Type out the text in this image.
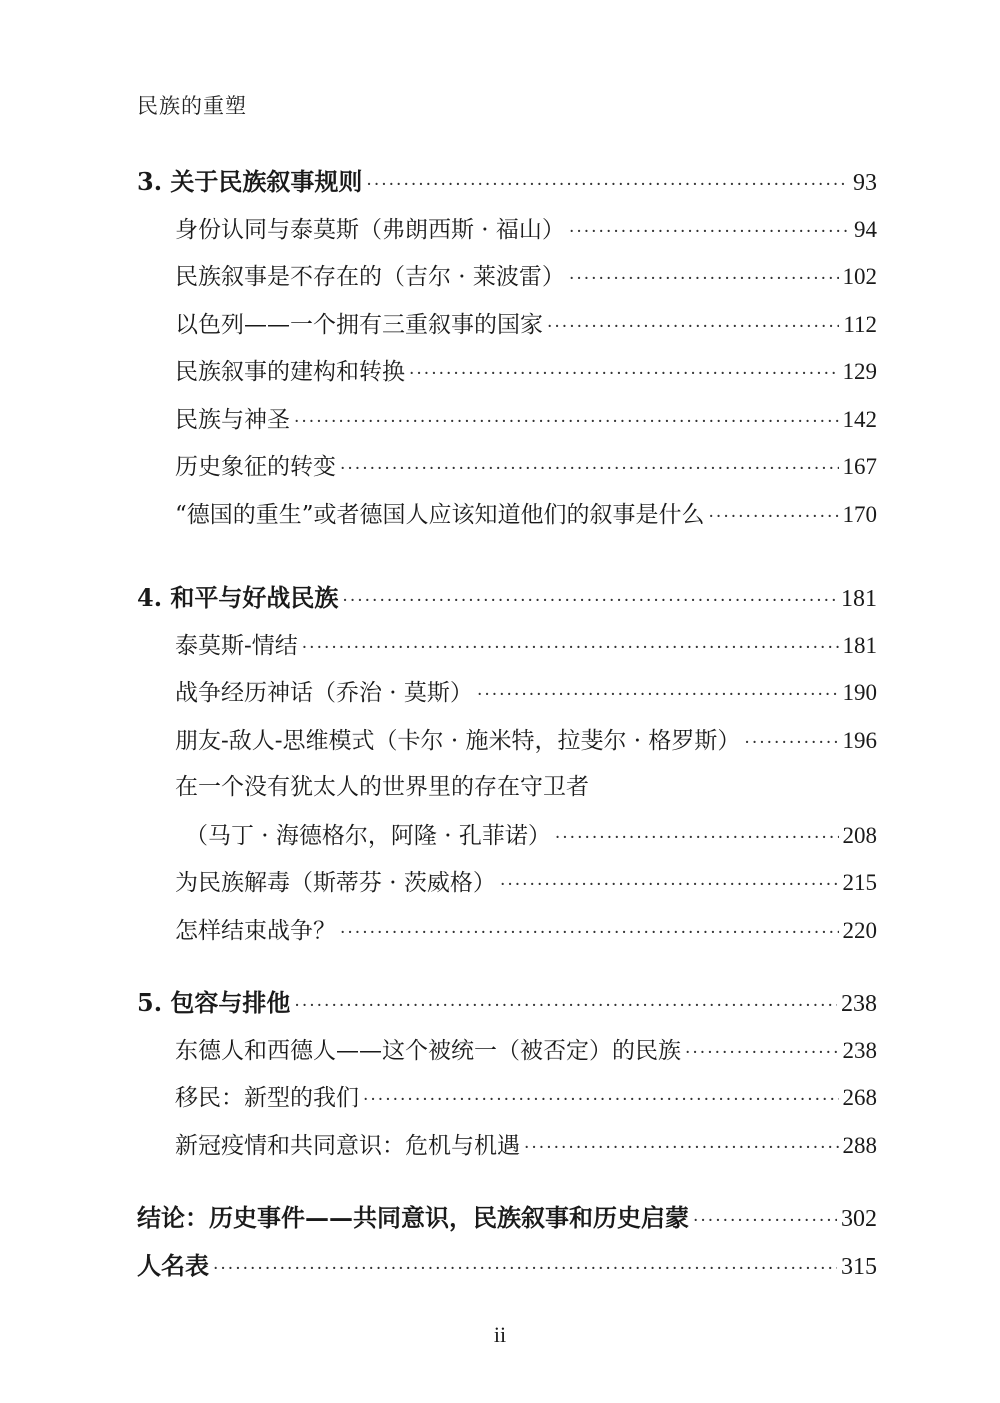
民族的重塑
3. 关于民族叙事规则 ·····	93
身份认同与泰莫斯（弗朗西斯 · 福山） ·····	94
民族叙事是不存在的（吉尔 · 莱波雷） ·····	102
以色列——一个拥有三重叙事的国家 ·····	112
民族叙事的建构和转换 ·····	129
民族与神圣 ·····	142
历史象征的转变 ·····	167
“德国的重生”或者德国人应该知道他们的叙事是什么 ·····	170
4. 和平与好战民族 ·····	181
泰莫斯-情结 ·····	181
战争经历神话（乔治 · 莫斯） ·····	190
朋友-敌人-思维模式（卡尔 · 施米特，拉斐尔 · 格罗斯） ·····	196
在一个没有犹太人的世界里的存在守卫者
（马丁 · 海德格尔，阿隆 · 孔菲诺） ·····	208
为民族解毒（斯蒂芬 · 茨威格） ·····	215
怎样结束战争？ ·····	220
5. 包容与排他 ·····	238
东德人和西德人——这个被统一（被否定）的民族 ·····	238
移民：新型的我们 ·····	268
新冠疫情和共同意识：危机与机遇 ·····	288
结论：历史事件——共同意识，民族叙事和历史启蒙 ·····	302
人名表 ·····	315
ii
